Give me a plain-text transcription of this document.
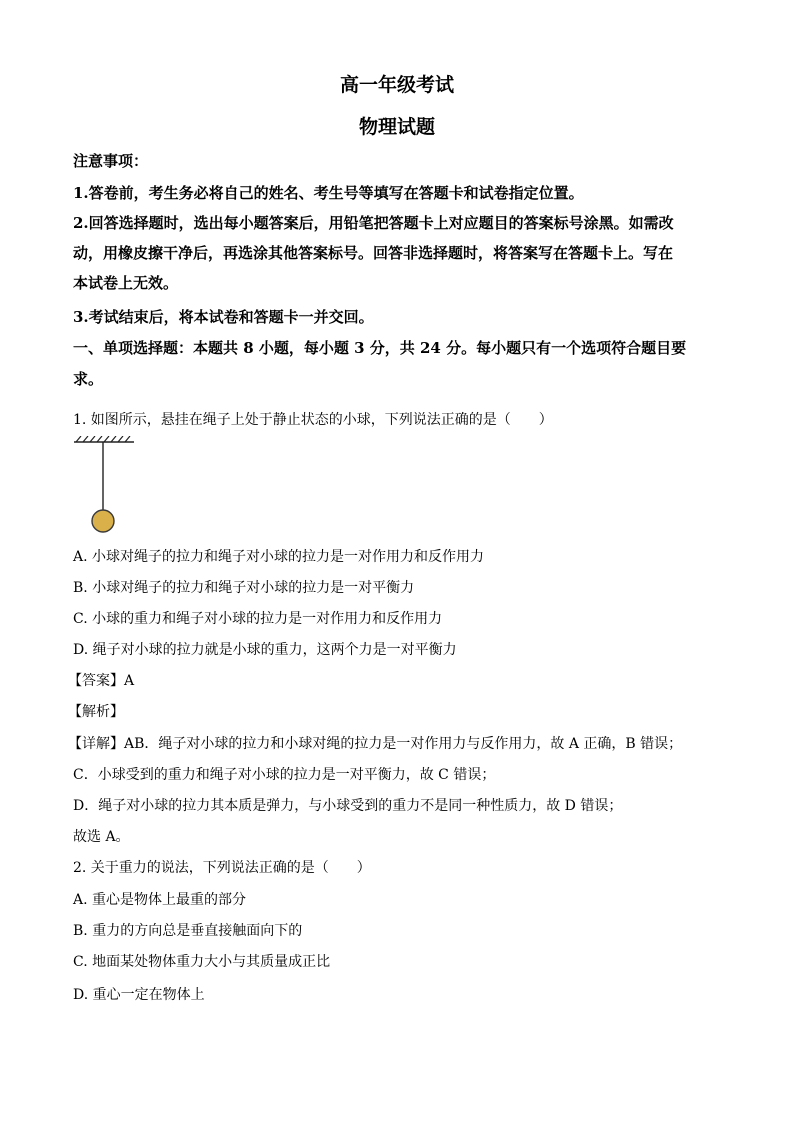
高一年级考试
物理试题
注意事项：
1.答卷前，考生务必将自己的姓名、考生号等填写在答题卡和试卷指定位置。
2.回答选择题时，选出每小题答案后，用铅笔把答题卡上对应题目的答案标号涂黑。如需改
动，用橡皮擦干净后，再选涂其他答案标号。回答非选择题时，将答案写在答题卡上。写在
本试卷上无效。
3.考试结束后，将本试卷和答题卡一并交回。
一、单项选择题：本题共 8 小题，每小题 3 分，共 24 分。每小题只有一个选项符合题目要
求。
1. 如图所示，悬挂在绳子上处于静止状态的小球，下列说法正确的是（　　）
A. 小球对绳子的拉力和绳子对小球的拉力是一对作用力和反作用力
B. 小球对绳子的拉力和绳子对小球的拉力是一对平衡力
C. 小球的重力和绳子对小球的拉力是一对作用力和反作用力
D. 绳子对小球的拉力就是小球的重力，这两个力是一对平衡力
【答案】A
【解析】
【详解】AB．绳子对小球的拉力和小球对绳的拉力是一对作用力与反作用力，故 A 正确，B 错误；
C．小球受到的重力和绳子对小球的拉力是一对平衡力，故 C 错误；
D．绳子对小球的拉力其本质是弹力，与小球受到的重力不是同一种性质力，故 D 错误；
故选 A。
2. 关于重力的说法，下列说法正确的是（　　）
A. 重心是物体上最重的部分
B. 重力的方向总是垂直接触面向下的
C. 地面某处物体重力大小与其质量成正比
D. 重心一定在物体上
